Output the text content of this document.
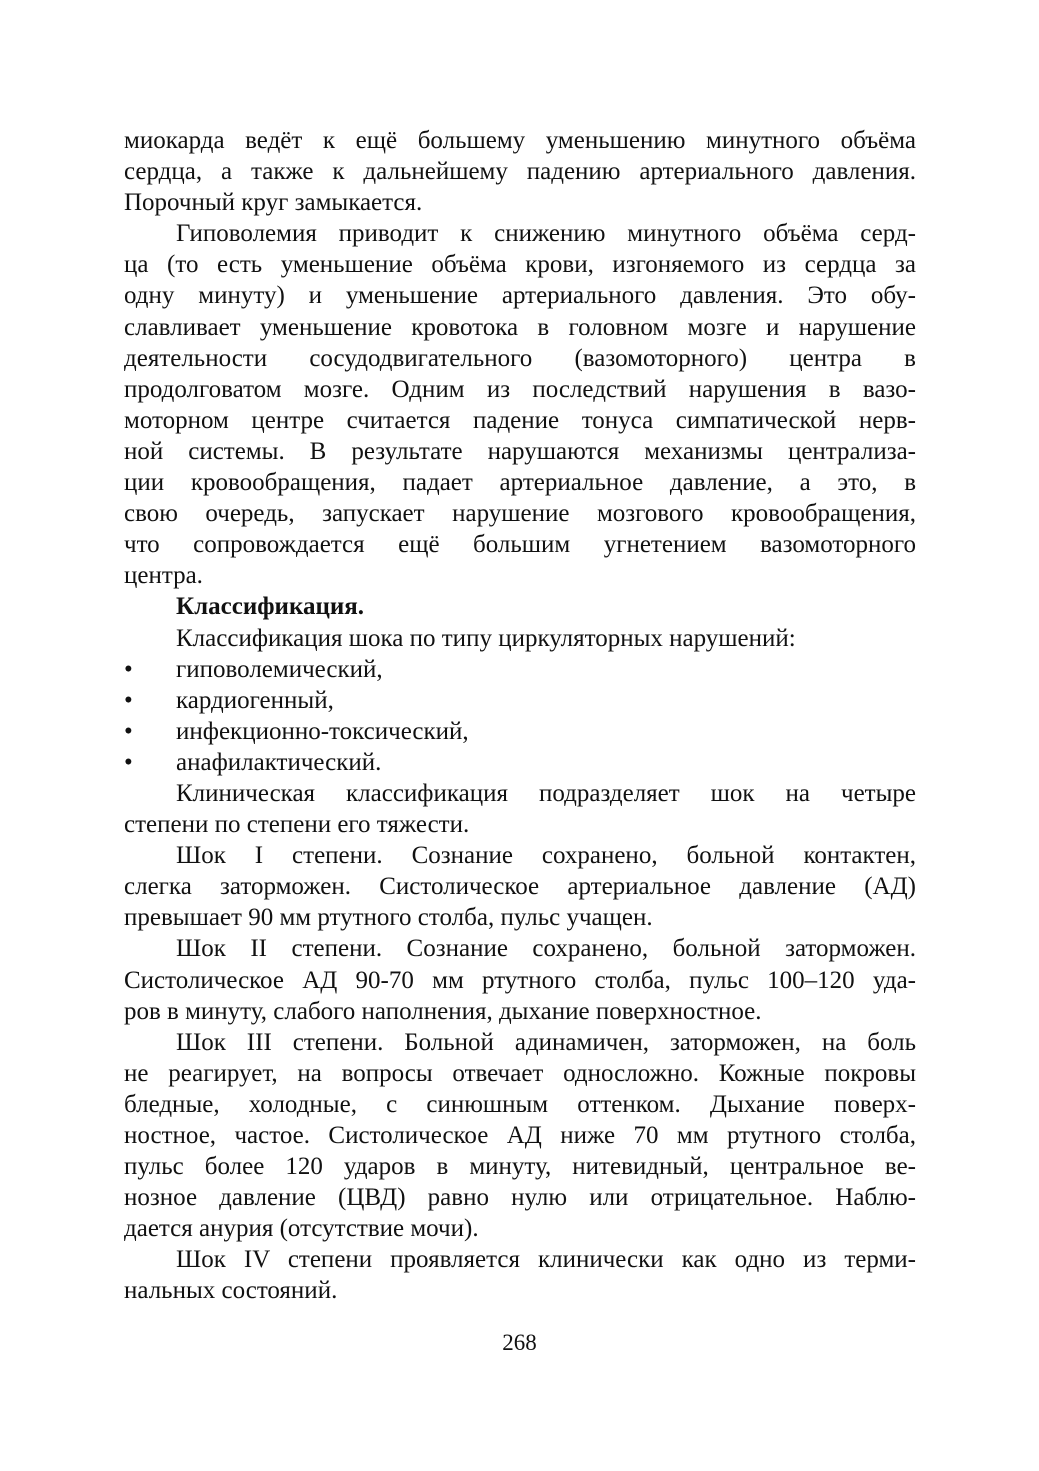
миокарда ведёт к ещё большему уменьшению минутного объёма
сердца, а также к дальнейшему падению артериального давления.
Порочный круг замыкается.
Гиповолемия приводит к снижению минутного объёма серд-
ца (то есть уменьшение объёма крови, изгоняемого из сердца за
одну минуту) и уменьшение артериального давления. Это обу-
славливает уменьшение кровотока в головном мозге и нарушение
деятельности сосудодвигательного (вазомоторного) центра в
продолговатом мозге. Одним из последствий нарушения в вазо-
моторном центре считается падение тонуса симпатической нерв-
ной системы. В результате нарушаются механизмы централиза-
ции кровообращения, падает артериальное давление, а это, в
свою очередь, запускает нарушение мозгового кровообращения,
что сопровождается ещё большим угнетением вазомоторного
центра.
Классификация.
Классификация шока по типу циркуляторных нарушений:
• гиповолемический,
• кардиогенный,
• инфекционно-токсический,
• анафилактический.
Клиническая классификация подразделяет шок на четыре
степени по степени его тяжести.
Шок I степени. Сознание сохранено, больной контактен,
слегка заторможен. Систолическое артериальное давление (АД)
превышает 90 мм ртутного столба, пульс учащен.
Шок II степени. Сознание сохранено, больной заторможен.
Систолическое АД 90-70 мм ртутного столба, пульс 100–120 уда-
ров в минуту, слабого наполнения, дыхание поверхностное.
Шок III степени. Больной адинамичен, заторможен, на боль
не реагирует, на вопросы отвечает односложно. Кожные покровы
бледные, холодные, с синюшным оттенком. Дыхание поверх-
ностное, частое. Систолическое АД ниже 70 мм ртутного столба,
пульс более 120 ударов в минуту, нитевидный, центральное ве-
нозное давление (ЦВД) равно нулю или отрицательное. Наблю-
дается анурия (отсутствие мочи).
Шок IV степени проявляется клинически как одно из терми-
нальных состояний.
268
